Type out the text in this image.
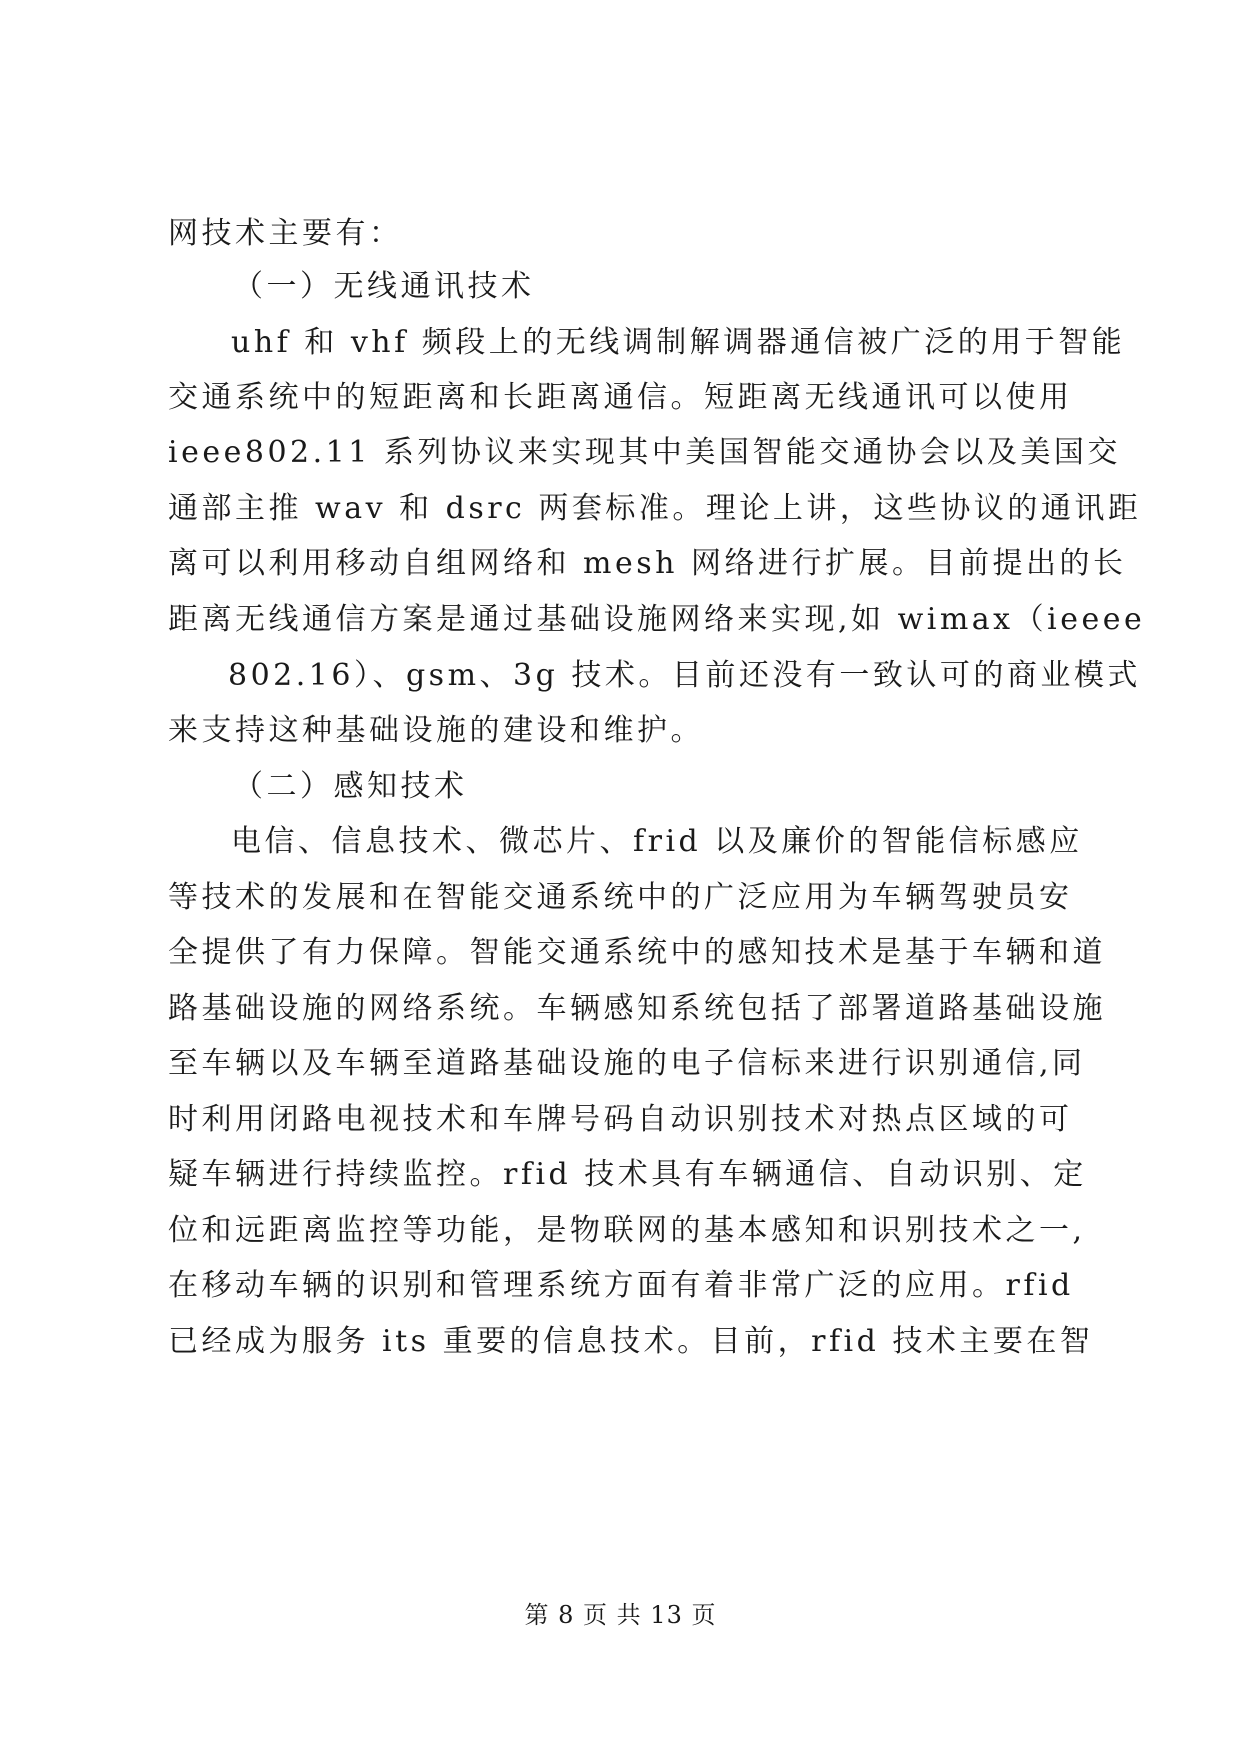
网技术主要有：
（一）无线通讯技术
uhf 和 vhf 频段上的无线调制解调器通信被广泛的用于智能
交通系统中的短距离和长距离通信。短距离无线通讯可以使用
ieee802.11 系列协议来实现其中美国智能交通协会以及美国交
通部主推 wav 和 dsrc 两套标准。理论上讲，这些协议的通讯距
离可以利用移动自组网络和 mesh 网络进行扩展。目前提出的长
距离无线通信方案是通过基础设施网络来实现,如 wimax（ieeee
802.16）、gsm、3g 技术。目前还没有一致认可的商业模式
来支持这种基础设施的建设和维护。
（二）感知技术
电信、信息技术、微芯片、frid 以及廉价的智能信标感应
等技术的发展和在智能交通系统中的广泛应用为车辆驾驶员安
全提供了有力保障。智能交通系统中的感知技术是基于车辆和道
路基础设施的网络系统。车辆感知系统包括了部署道路基础设施
至车辆以及车辆至道路基础设施的电子信标来进行识别通信,同
时利用闭路电视技术和车牌号码自动识别技术对热点区域的可
疑车辆进行持续监控。rfid 技术具有车辆通信、自动识别、定
位和远距离监控等功能，是物联网的基本感知和识别技术之一,
在移动车辆的识别和管理系统方面有着非常广泛的应用。rfid
已经成为服务 its 重要的信息技术。目前，rfid 技术主要在智
第 8 页 共 13 页
